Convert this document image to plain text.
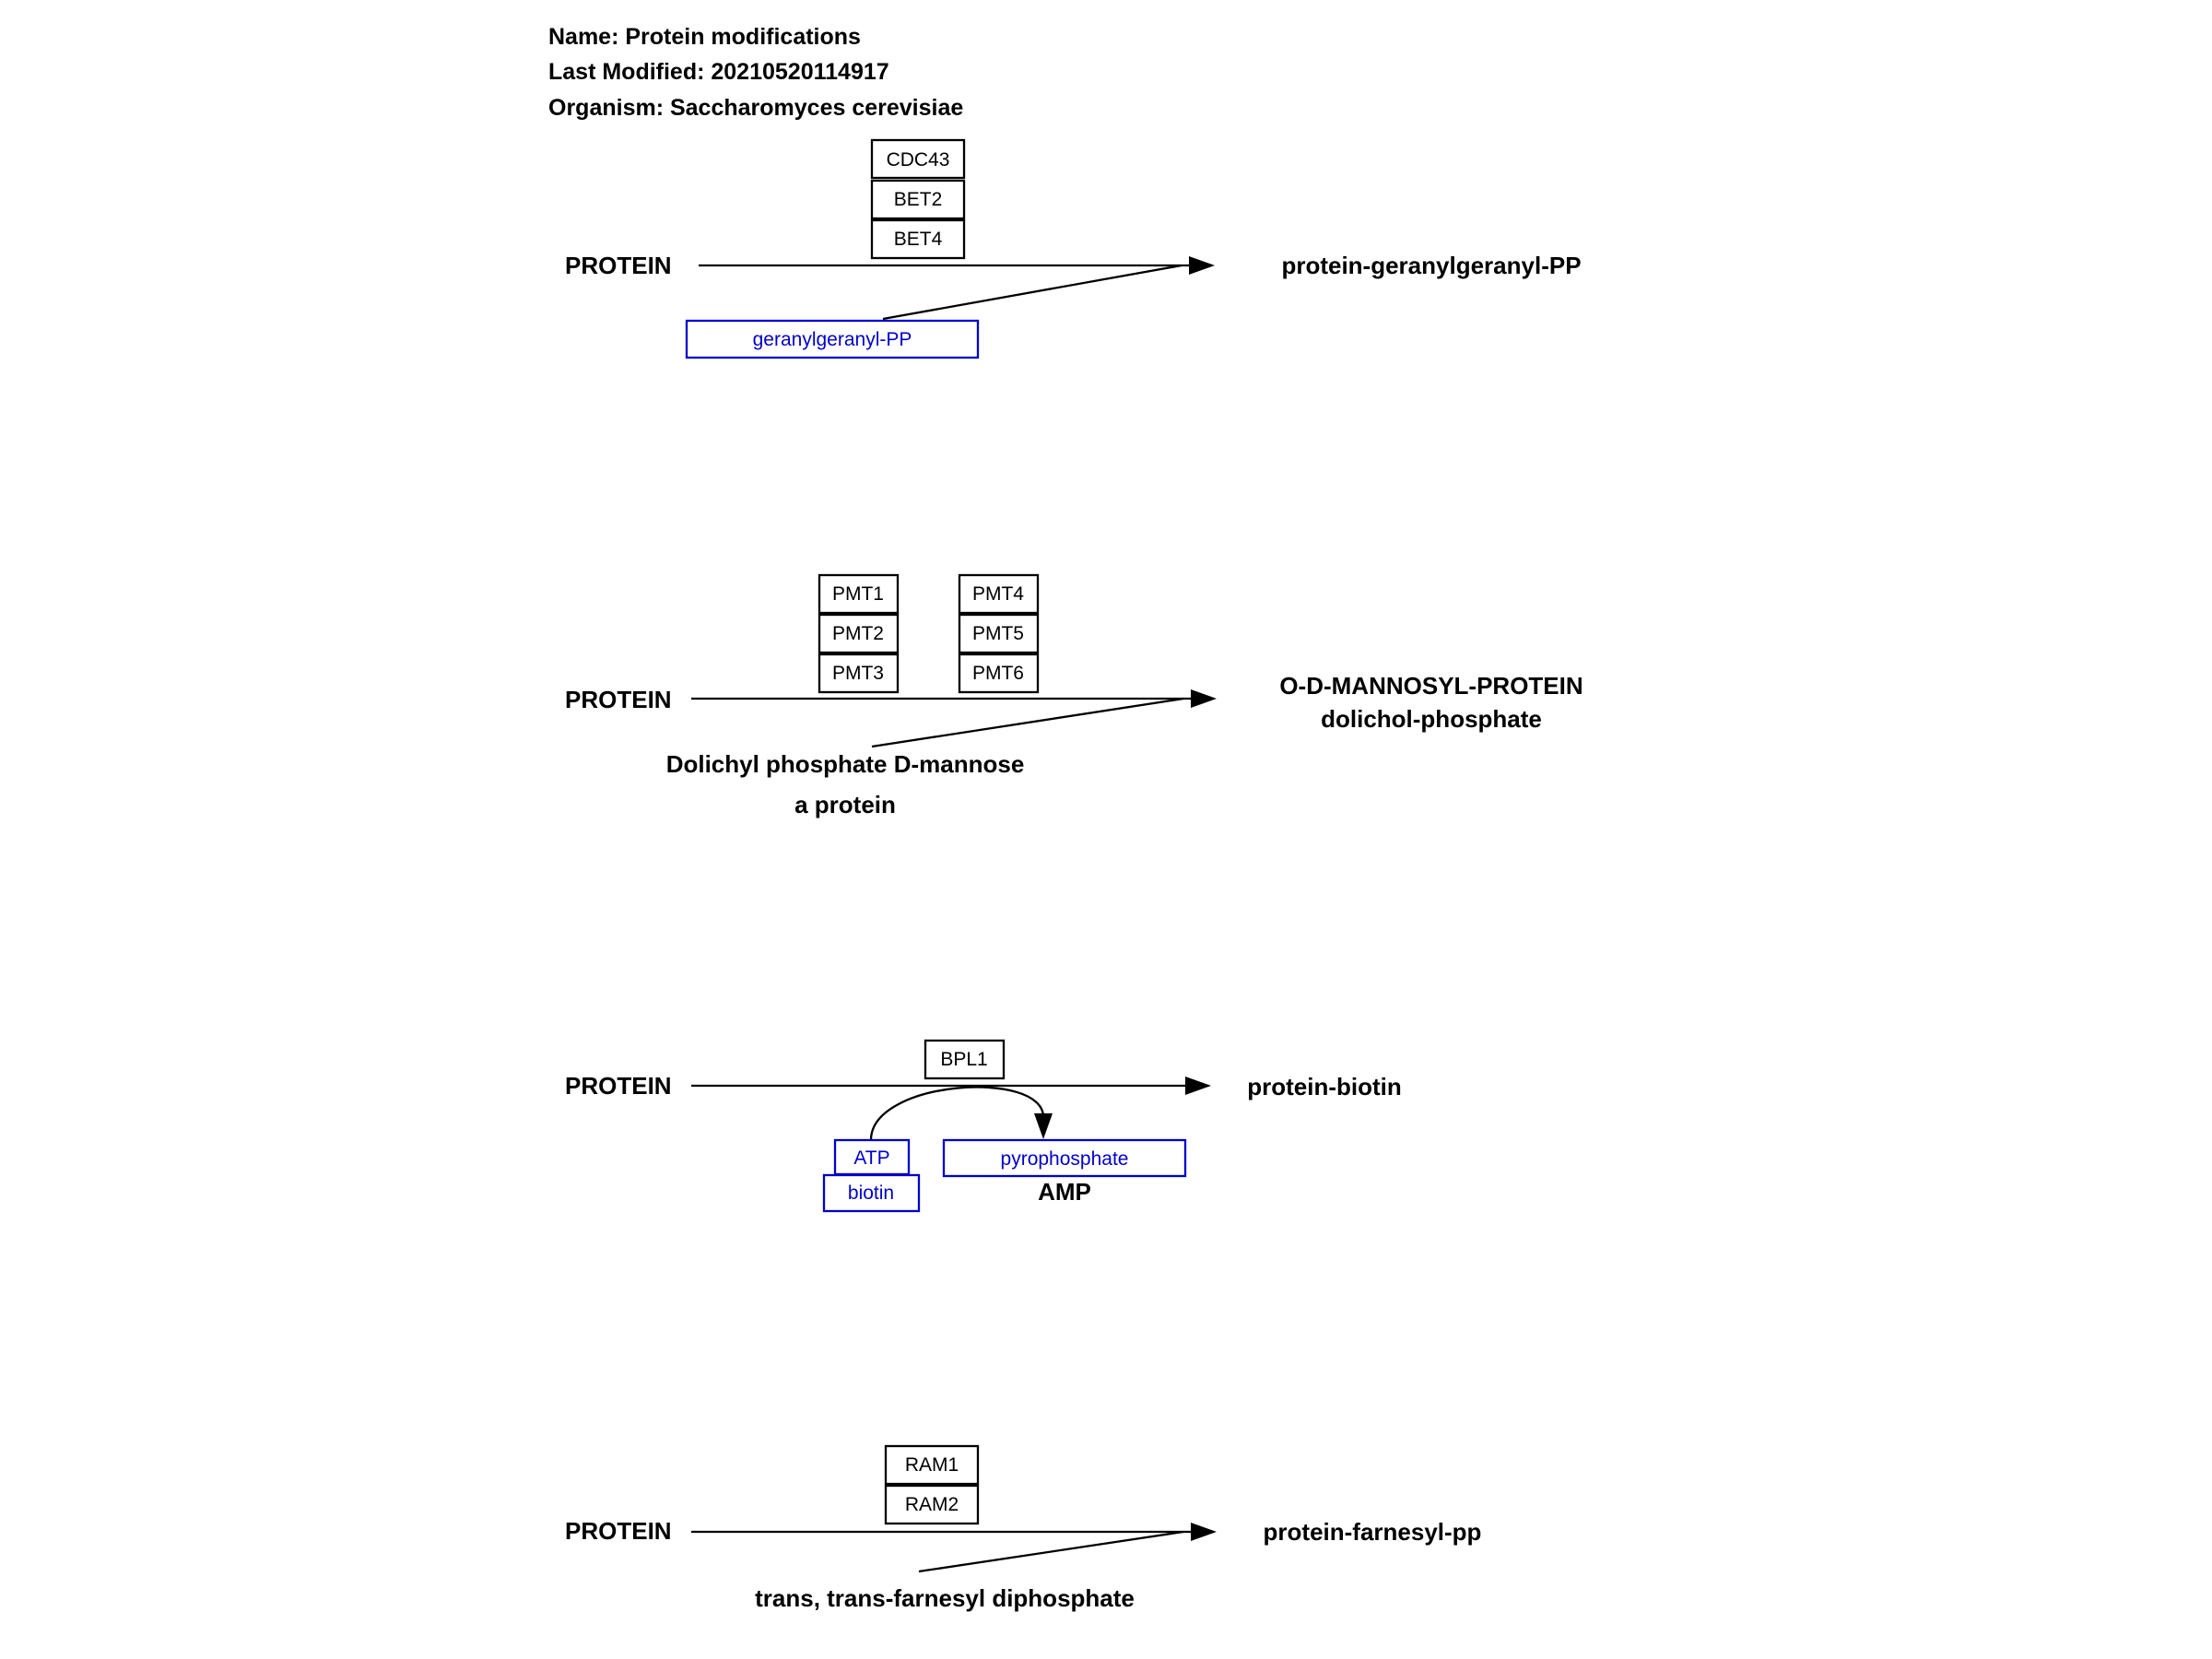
Name: Protein modifications
Last Modified: 20210520114917
Organism: Saccharomyces cerevisiae
PROTEIN
CDC43
BET2
BET4
geranylgeranyl-PP
protein-geranylgeranyl-PP
PROTEIN
PMT1
PMT2
PMT3
PMT4
PMT5
PMT6
Dolichyl phosphate D-mannose
a protein
O-D-MANNOSYL-PROTEIN
dolichol-phosphate
PROTEIN
BPL1
ATP
biotin
pyrophosphate
AMP
protein-biotin
PROTEIN
RAM1
RAM2
trans, trans-farnesyl diphosphate
protein-farnesyl-pp
